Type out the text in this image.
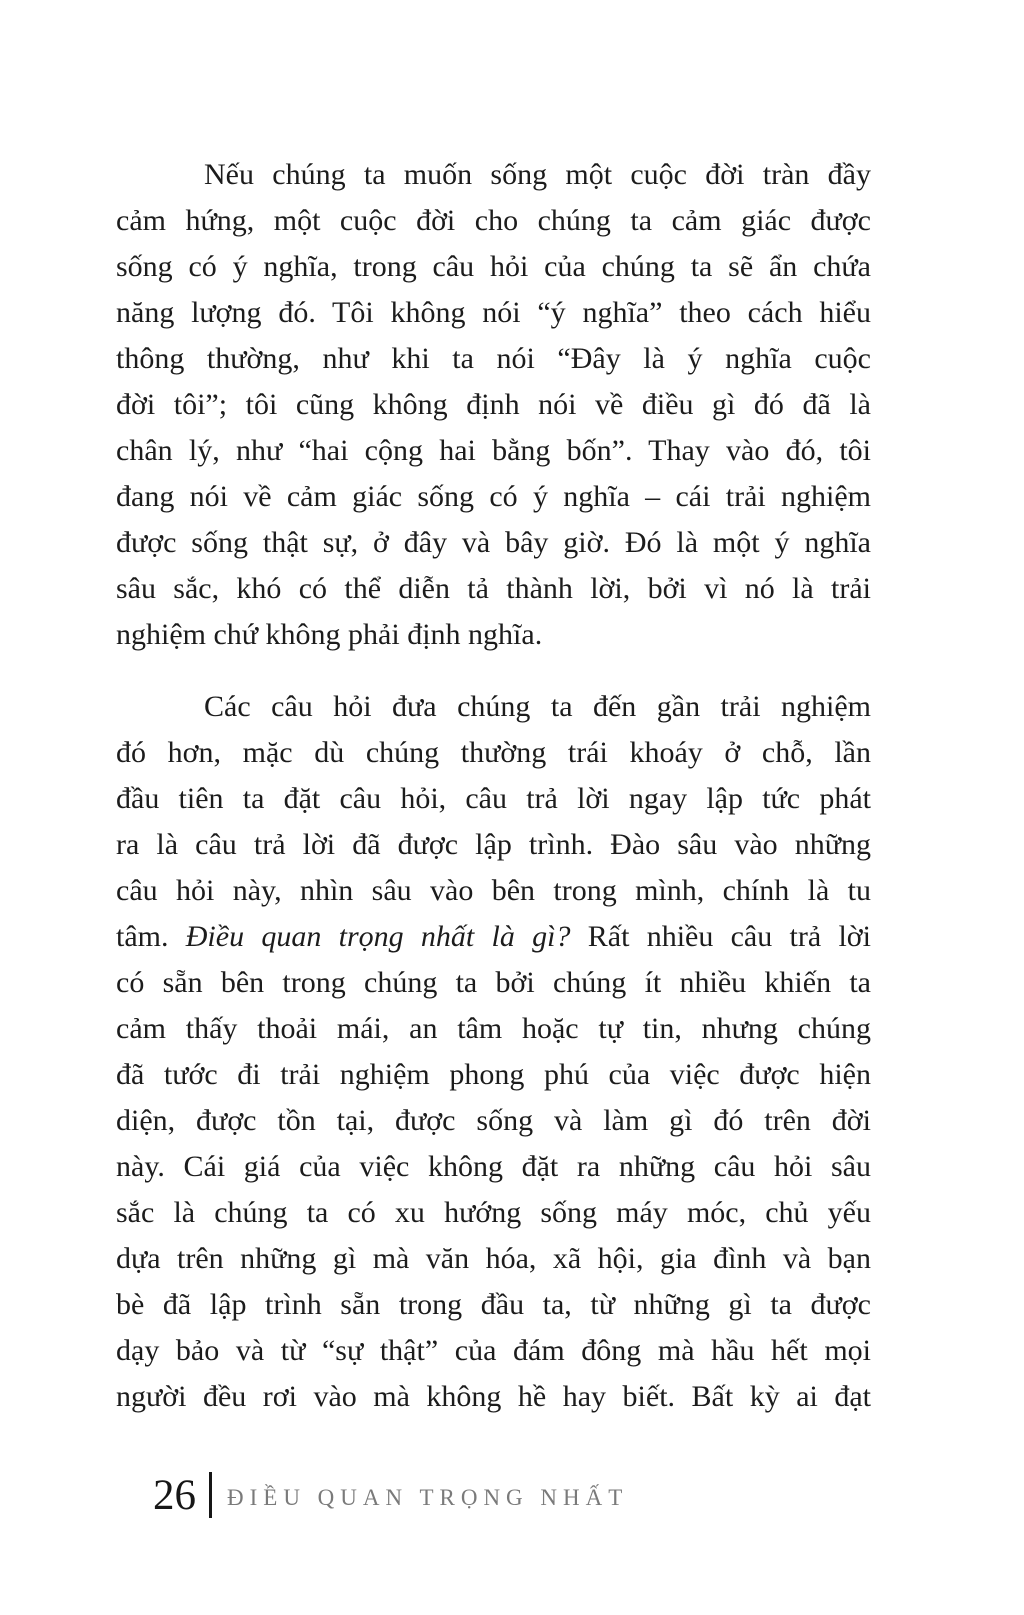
Nếu chúng ta muốn sống một cuộc đời tràn đầy
cảm hứng, một cuộc đời cho chúng ta cảm giác được
sống có ý nghĩa, trong câu hỏi của chúng ta sẽ ẩn chứa
năng lượng đó. Tôi không nói “ý nghĩa” theo cách hiểu
thông thường, như khi ta nói “Đây là ý nghĩa cuộc
đời tôi”; tôi cũng không định nói về điều gì đó đã là
chân lý, như “hai cộng hai bằng bốn”. Thay vào đó, tôi
đang nói về cảm giác sống có ý nghĩa – cái trải nghiệm
được sống thật sự, ở đây và bây giờ. Đó là một ý nghĩa
sâu sắc, khó có thể diễn tả thành lời, bởi vì nó là trải
nghiệm chứ không phải định nghĩa.
Các câu hỏi đưa chúng ta đến gần trải nghiệm
đó hơn, mặc dù chúng thường trái khoáy ở chỗ, lần
đầu tiên ta đặt câu hỏi, câu trả lời ngay lập tức phát
ra là câu trả lời đã được lập trình. Đào sâu vào những
câu hỏi này, nhìn sâu vào bên trong mình, chính là tu
tâm. Điều quan trọng nhất là gì? Rất nhiều câu trả lời
có sẵn bên trong chúng ta bởi chúng ít nhiều khiến ta
cảm thấy thoải mái, an tâm hoặc tự tin, nhưng chúng
đã tước đi trải nghiệm phong phú của việc được hiện
diện, được tồn tại, được sống và làm gì đó trên đời
này. Cái giá của việc không đặt ra những câu hỏi sâu
sắc là chúng ta có xu hướng sống máy móc, chủ yếu
dựa trên những gì mà văn hóa, xã hội, gia đình và bạn
bè đã lập trình sẵn trong đầu ta, từ những gì ta được
dạy bảo và từ “sự thật” của đám đông mà hầu hết mọi
người đều rơi vào mà không hề hay biết. Bất kỳ ai đạt
26 ĐIỀU QUAN TRỌNG NHẤT
